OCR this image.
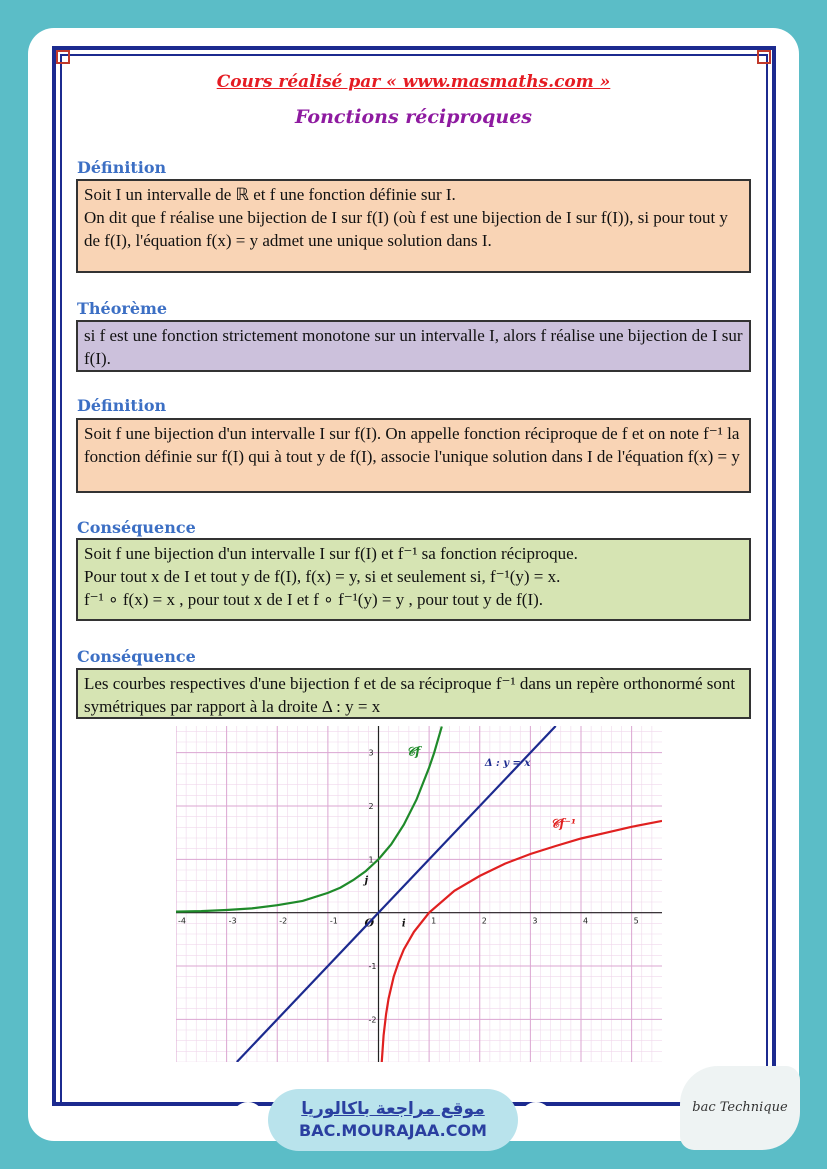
Cours réalisé par « www.masmaths.com »
Fonctions réciproques
Définition
Soit I un intervalle de ℝ et f une fonction définie sur I.
On dit que f réalise une bijection de I sur f(I) (où f est une bijection de I sur f(I)), si pour tout y de f(I), l'équation f(x) = y admet une unique solution dans I.
Théorème
si f est une fonction strictement monotone sur un intervalle I, alors f réalise une bijection de I sur f(I).
Définition
Soit f une bijection d'un intervalle I sur f(I). On appelle fonction réciproque de f et on note f⁻¹ la fonction définie sur f(I) qui à tout y de f(I), associe l'unique solution dans I de l'équation f(x) = y
Conséquence
Soit f une bijection d'un intervalle I sur f(I) et f⁻¹ sa fonction réciproque.
Pour tout x de I et tout y de f(I), f(x) = y, si et seulement si, f⁻¹(y) = x.
f⁻¹ ∘ f(x) = x , pour tout x de I et f ∘ f⁻¹(y) = y , pour tout y de f(I).
Conséquence
Les courbes respectives d'une bijection f et de sa réciproque f⁻¹ dans un repère orthonormé sont symétriques par rapport à la droite Δ : y = x
-4	-3	-2	-1	1	2	3	4	5
-2
-1
1
2
3
O	i
j
𝒞f
𝒞f⁻¹
Δ : y = x
موقع مراجعة باكالوريا
BAC.MOURAJAA.COM
bac Technique
